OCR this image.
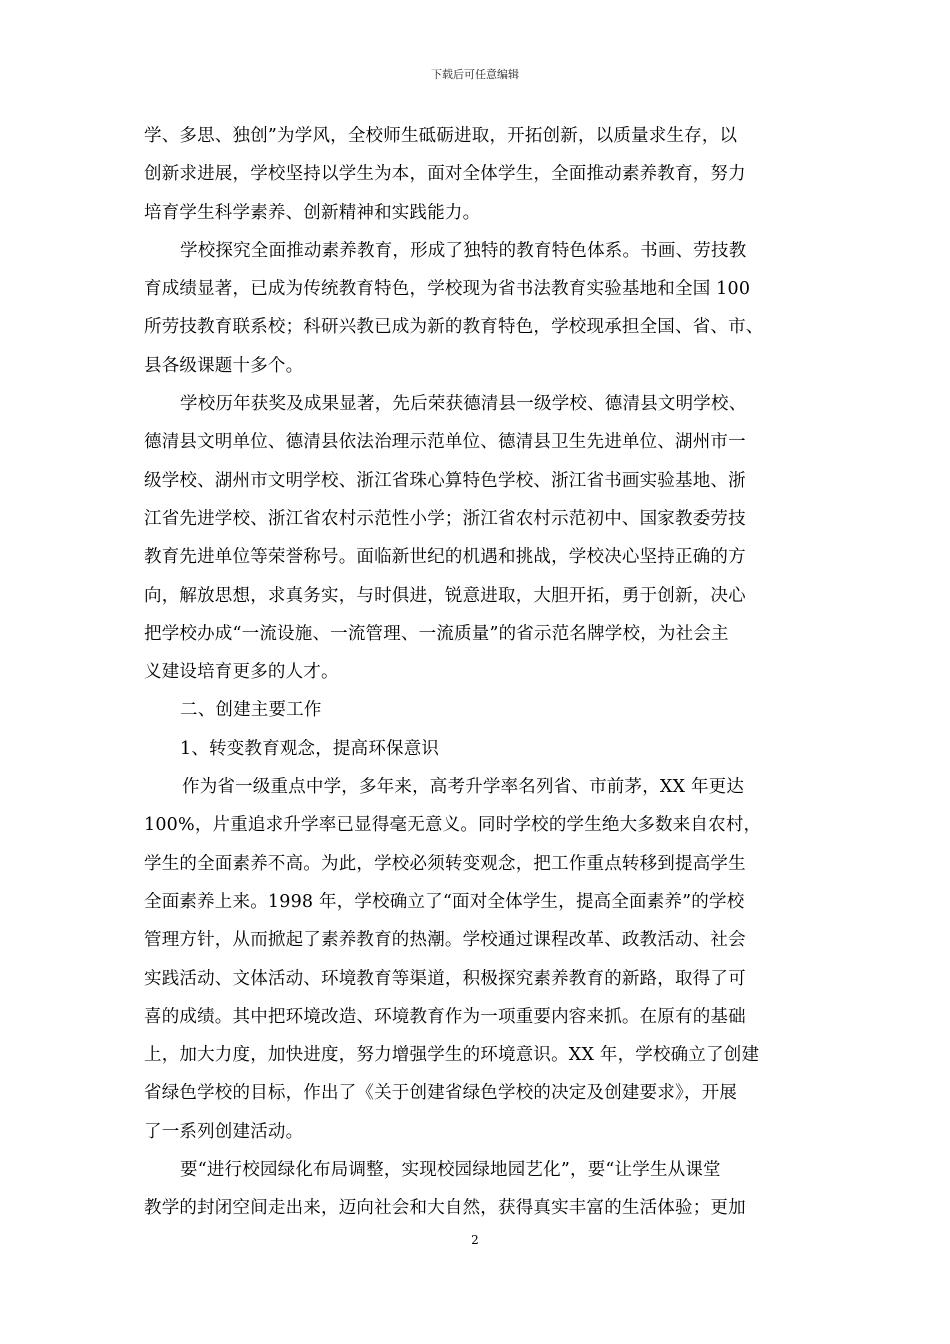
下载后可任意编辑
学、多思、独创”为学风，全校师生砥砺进取，开拓创新，以质量求生存，以
创新求进展，学校坚持以学生为本，面对全体学生，全面推动素养教育，努力
培育学生科学素养、创新精神和实践能力。
学校探究全面推动素养教育，形成了独特的教育特色体系。书画、劳技教
育成绩显著，已成为传统教育特色，学校现为省书法教育实验基地和全国 100
所劳技教育联系校；科研兴教已成为新的教育特色，学校现承担全国、省、市、
县各级课题十多个。
学校历年获奖及成果显著，先后荣获德清县一级学校、德清县文明学校、
德清县文明单位、德清县依法治理示范单位、德清县卫生先进单位、湖州市一
级学校、湖州市文明学校、浙江省珠心算特色学校、浙江省书画实验基地、浙
江省先进学校、浙江省农村示范性小学；浙江省农村示范初中、国家教委劳技
教育先进单位等荣誉称号。面临新世纪的机遇和挑战，学校决心坚持正确的方
向，解放思想，求真务实，与时俱进，锐意进取，大胆开拓，勇于创新，决心
把学校办成“一流设施、一流管理、一流质量”的省示范名牌学校，为社会主
义建设培育更多的人才。
二、创建主要工作
1、转变教育观念，提高环保意识
作为省一级重点中学，多年来，高考升学率名列省、市前茅，XX 年更达
100%，片重追求升学率已显得毫无意义。同时学校的学生绝大多数来自农村，
学生的全面素养不高。为此，学校必须转变观念，把工作重点转移到提高学生
全面素养上来。1998 年，学校确立了“面对全体学生，提高全面素养”的学校
管理方针，从而掀起了素养教育的热潮。学校通过课程改革、政教活动、社会
实践活动、文体活动、环境教育等渠道，积极探究素养教育的新路，取得了可
喜的成绩。其中把环境改造、环境教育作为一项重要内容来抓。在原有的基础
上，加大力度，加快进度，努力增强学生的环境意识。XX 年，学校确立了创建
省绿色学校的目标，作出了《关于创建省绿色学校的决定及创建要求》，开展
了一系列创建活动。
要“进行校园绿化布局调整，实现校园绿地园艺化”，要“让学生从课堂
教学的封闭空间走出来，迈向社会和大自然，获得真实丰富的生活体验；更加
2
